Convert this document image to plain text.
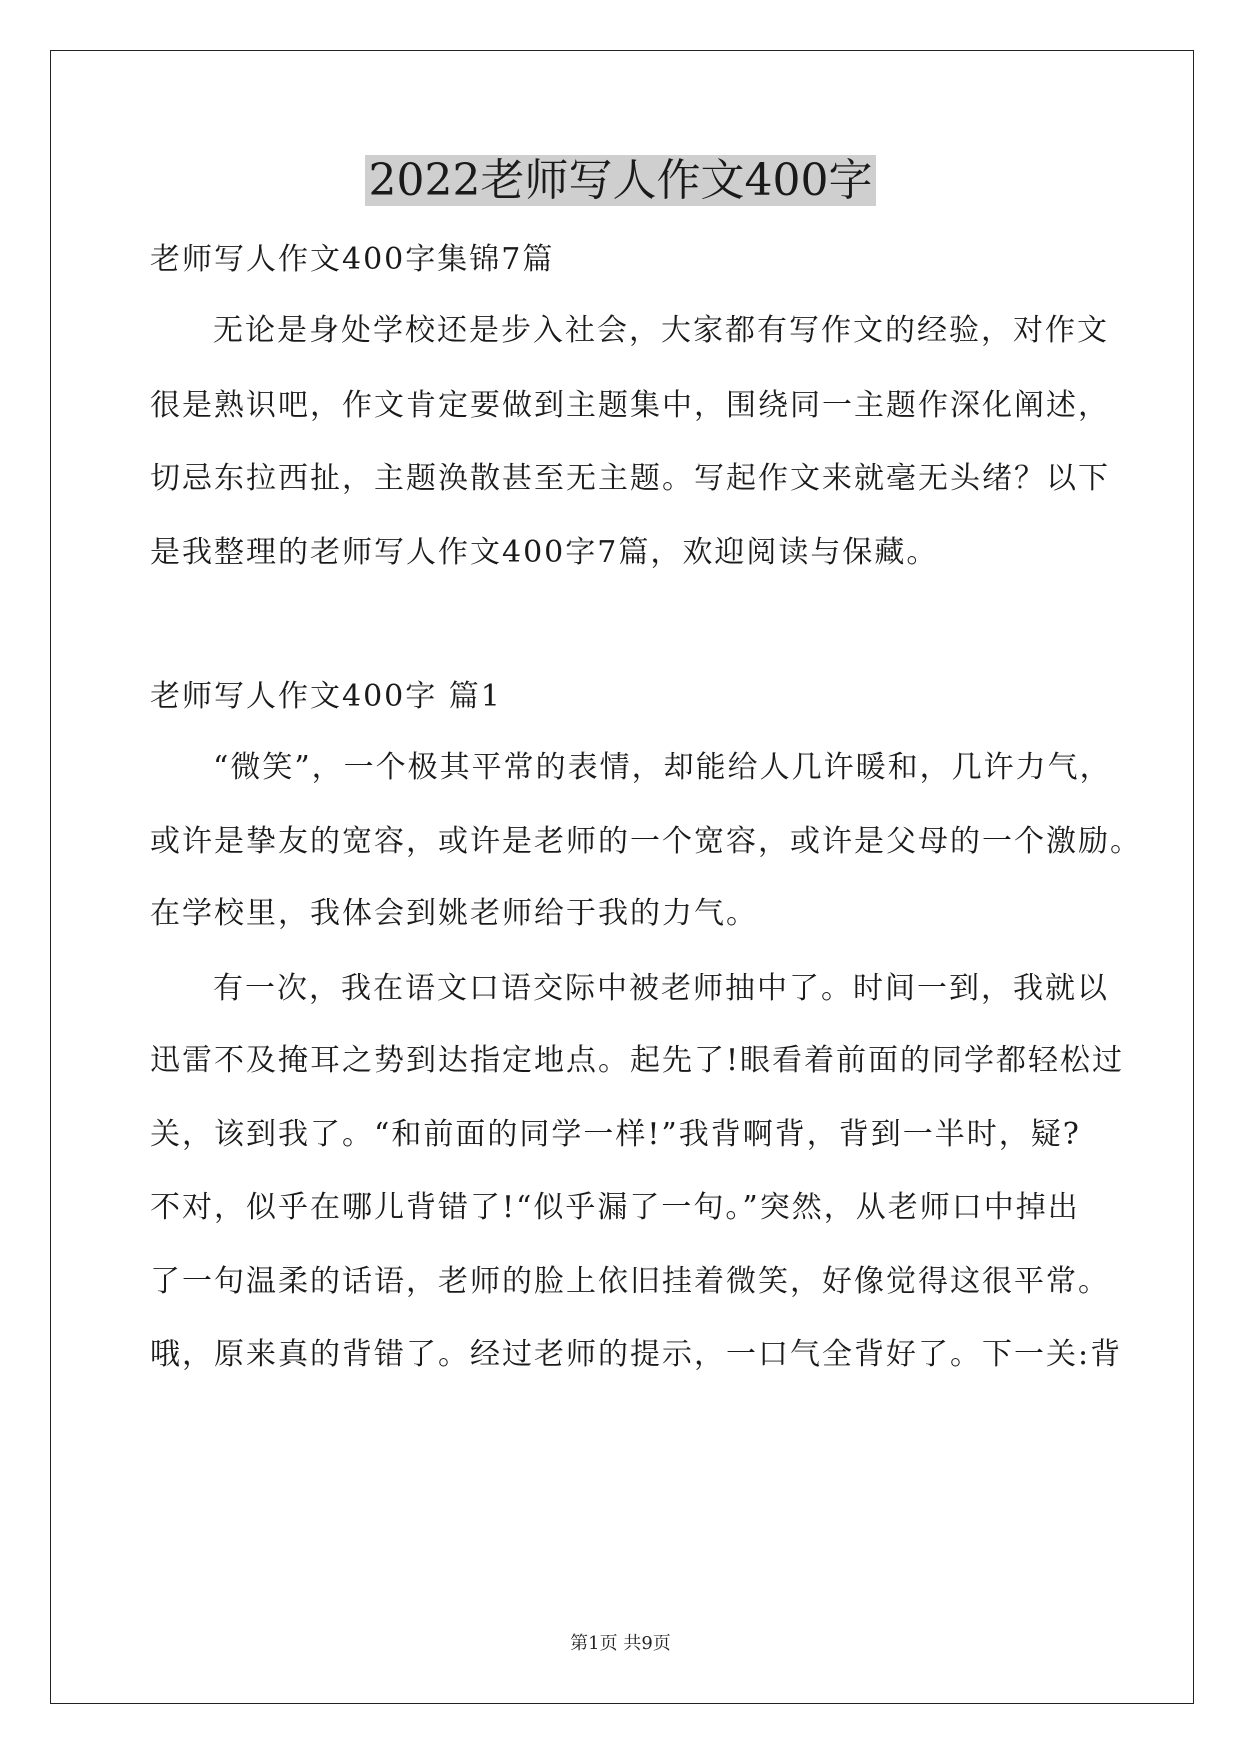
2022老师写人作文400字
老师写人作文400字集锦7篇
无论是身处学校还是步入社会，大家都有写作文的经验，对作文
很是熟识吧，作文肯定要做到主题集中，围绕同一主题作深化阐述，
切忌东拉西扯，主题涣散甚至无主题。写起作文来就毫无头绪？以下
是我整理的老师写人作文400字7篇，欢迎阅读与保藏。
老师写人作文400字 篇1
“微笑”，一个极其平常的表情，却能给人几许暖和，几许力气，
或许是挚友的宽容，或许是老师的一个宽容，或许是父母的一个激励。
在学校里，我体会到姚老师给于我的力气。
有一次，我在语文口语交际中被老师抽中了。时间一到，我就以
迅雷不及掩耳之势到达指定地点。起先了!眼看着前面的同学都轻松过
关，该到我了。“和前面的同学一样!”我背啊背，背到一半时，疑?
不对，似乎在哪儿背错了!“似乎漏了一句。”突然，从老师口中掉出
了一句温柔的话语，老师的脸上依旧挂着微笑，好像觉得这很平常。
哦，原来真的背错了。经过老师的提示，一口气全背好了。下一关:背
第1页 共9页
